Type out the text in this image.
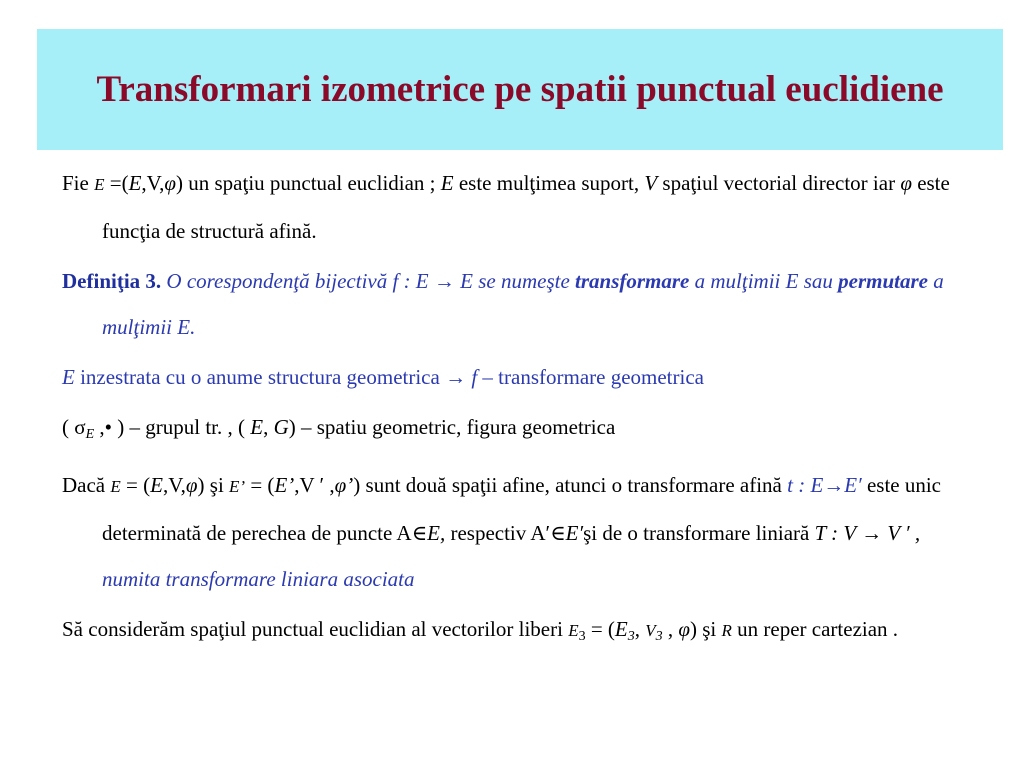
Transformari izometrice pe spatii punctual euclidiene

Fie E =(E,V,φ) un spaţiu punctual euclidian ; E este mulţimea suport, V spaţiul vectorial director iar φ este funcţia de structură afină.

Definiţia 3. O corespondenţă bijectivă f : E → E se numeşte transformare a mulţimii E sau permutare a mulţimii E.

E inzestrata cu o anume structura geometrica → f – transformare geometrica

( $\sigma_E$ ,• ) – grupul tr. , ( E, G) – spatiu geometric, figura geometrica

Dacă E = (E,V,φ) şi E’ = (E’,V ′ ,φ’) sunt două spaţii afine, atunci o transformare afină t : E→E′ este unic determinată de perechea de puncte A∈E, respectiv A′∈E′şi de o transformare liniară T : V → V ′ , numita transformare liniara asociata

Să considerăm spaţiul punctual euclidian al vectorilor liberi $E_3 = (E_3$, $V_3$ , φ) şi R un reper cartezian .
